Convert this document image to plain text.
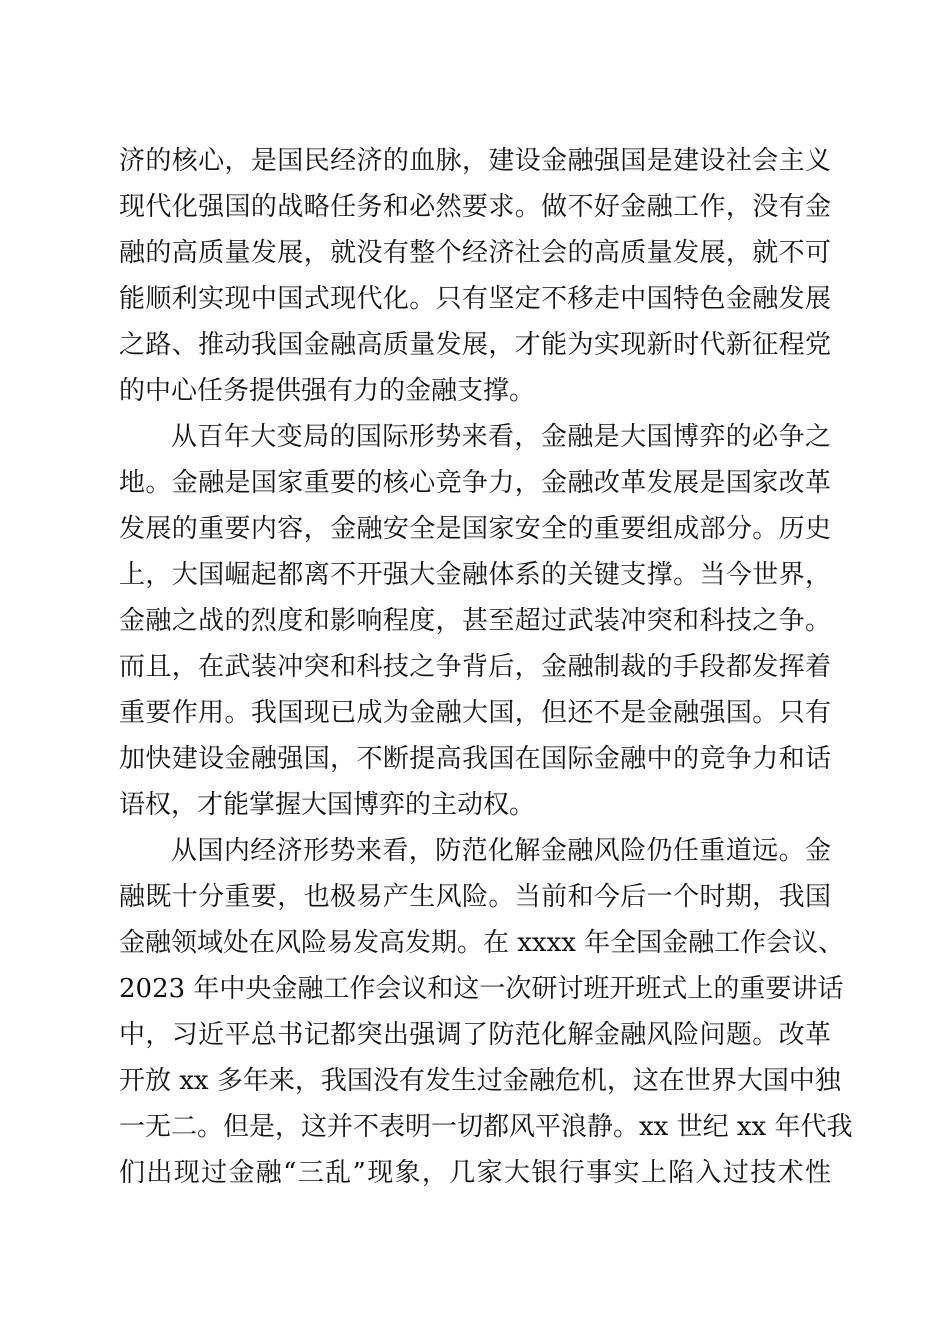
济的核心，是国民经济的血脉，建设金融强国是建设社会主义
现代化强国的战略任务和必然要求。做不好金融工作，没有金
融的高质量发展，就没有整个经济社会的高质量发展，就不可
能顺利实现中国式现代化。只有坚定不移走中国特色金融发展
之路、推动我国金融高质量发展，才能为实现新时代新征程党
的中心任务提供强有力的金融支撑。
从百年大变局的国际形势来看，金融是大国博弈的必争之
地。金融是国家重要的核心竞争力，金融改革发展是国家改革
发展的重要内容，金融安全是国家安全的重要组成部分。历史
上，大国崛起都离不开强大金融体系的关键支撑。当今世界，
金融之战的烈度和影响程度，甚至超过武装冲突和科技之争。
而且，在武装冲突和科技之争背后，金融制裁的手段都发挥着
重要作用。我国现已成为金融大国，但还不是金融强国。只有
加快建设金融强国，不断提高我国在国际金融中的竞争力和话
语权，才能掌握大国博弈的主动权。
从国内经济形势来看，防范化解金融风险仍任重道远。金
融既十分重要，也极易产生风险。当前和今后一个时期，我国
金融领域处在风险易发高发期。在 xxxx 年全国金融工作会议、
2023 年中央金融工作会议和这一次研讨班开班式上的重要讲话
中，习近平总书记都突出强调了防范化解金融风险问题。改革
开放 xx 多年来，我国没有发生过金融危机，这在世界大国中独
一无二。但是，这并不表明一切都风平浪静。xx 世纪 xx 年代我
们出现过金融“三乱”现象，几家大银行事实上陷入过技术性
